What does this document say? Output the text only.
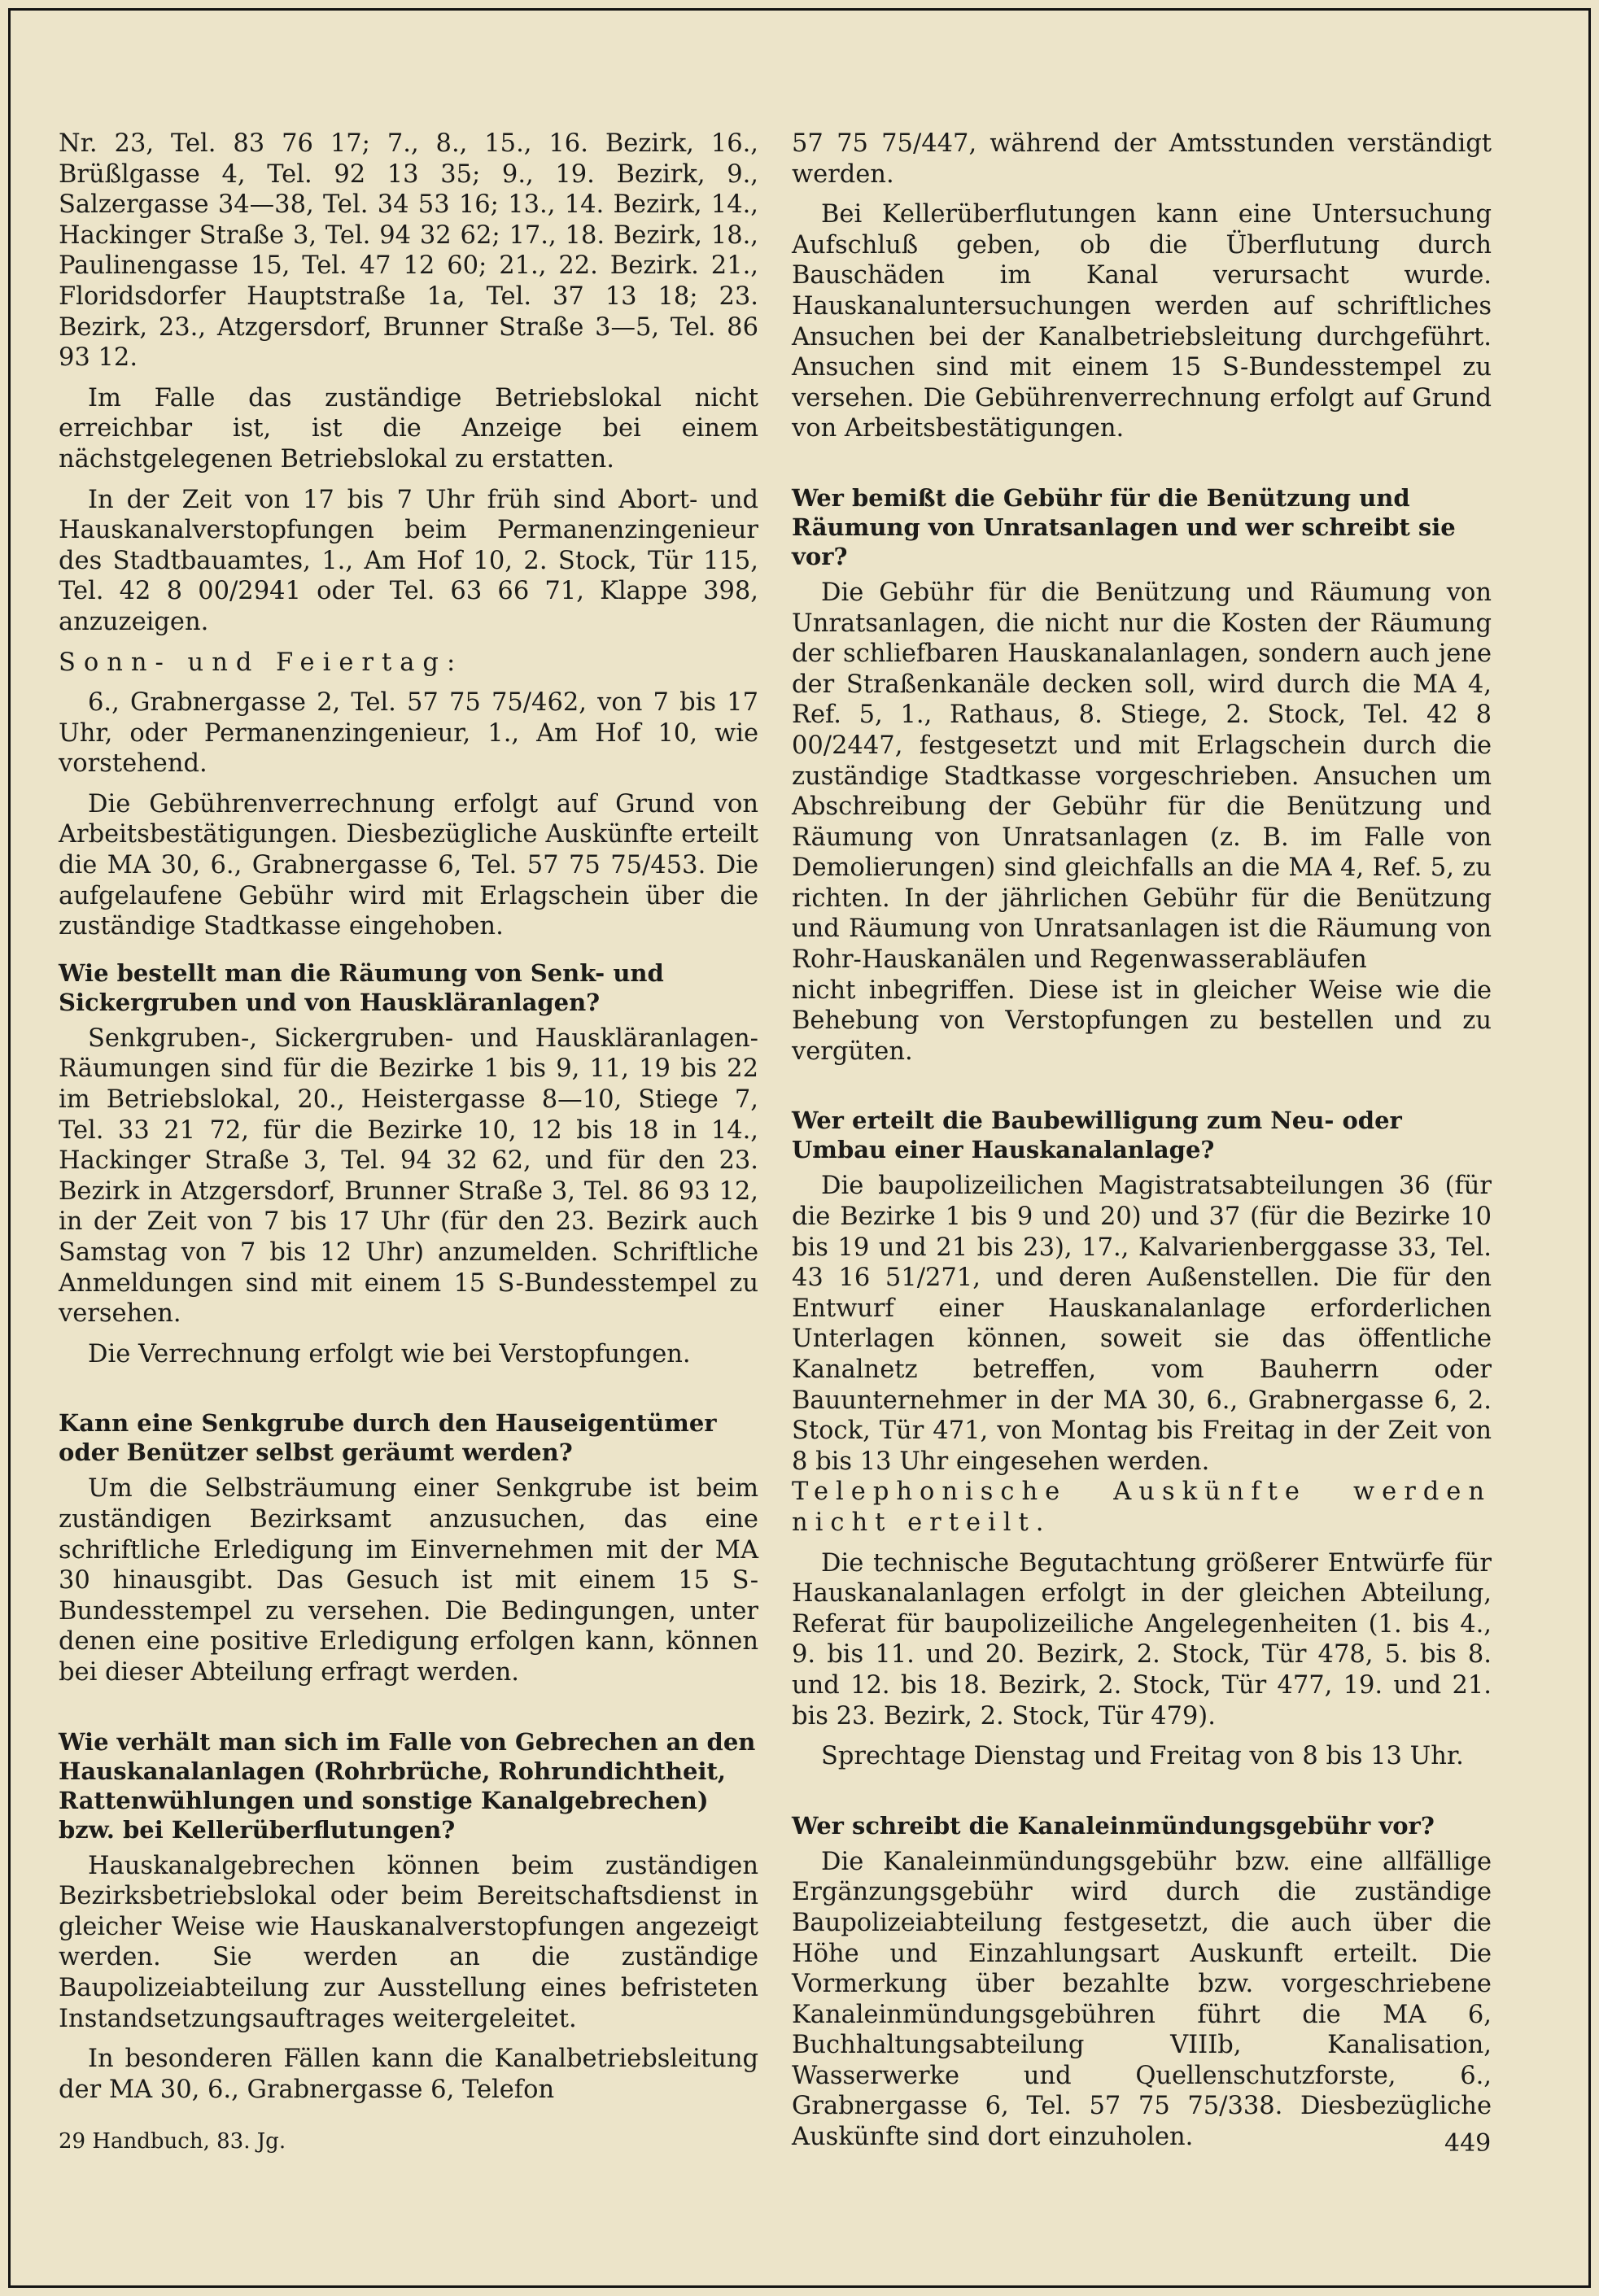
Nr. 23, Tel. 83 76 17; 7., 8., 15., 16. Bezirk, 16., Brüßlgasse 4, Tel. 92 13 35; 9., 19. Bezirk, 9., Salzergasse 34—38, Tel. 34 53 16; 13., 14. Bezirk, 14., Hackinger Straße 3, Tel. 94 32 62; 17., 18. Bezirk, 18., Paulinengasse 15, Tel. 47 12 60; 21., 22. Bezirk. 21., Floridsdorfer Hauptstraße 1a, Tel. 37 13 18; 23. Bezirk, 23., Atzgersdorf, Brunner Straße 3—5, Tel. 86 93 12.

Im Falle das zuständige Betriebslokal nicht erreichbar ist, ist die Anzeige bei einem nächstgelegenen Betriebslokal zu erstatten.

In der Zeit von 17 bis 7 Uhr früh sind Abort- und Hauskanalverstopfungen beim Permanenzingenieur des Stadtbauamtes, 1., Am Hof 10, 2. Stock, Tür 115, Tel. 42 8 00/2941 oder Tel. 63 66 71, Klappe 398, anzuzeigen.

Sonn- und Feiertag:

6., Grabnergasse 2, Tel. 57 75 75/462, von 7 bis 17 Uhr, oder Permanenzingenieur, 1., Am Hof 10, wie vorstehend.

Die Gebührenverrechnung erfolgt auf Grund von Arbeitsbestätigungen. Diesbezügliche Auskünfte erteilt die MA 30, 6., Grabnergasse 6, Tel. 57 75 75/453. Die aufgelaufene Gebühr wird mit Erlagschein über die zuständige Stadtkasse eingehoben.

Wie bestellt man die Räumung von Senk- und Sickergruben und von Hauskläranlagen?

Senkgruben-, Sickergruben- und Hauskläranlagen-Räumungen sind für die Bezirke 1 bis 9, 11, 19 bis 22 im Betriebslokal, 20., Heistergasse 8—10, Stiege 7, Tel. 33 21 72, für die Bezirke 10, 12 bis 18 in 14., Hackinger Straße 3, Tel. 94 32 62, und für den 23. Bezirk in Atzgersdorf, Brunner Straße 3, Tel. 86 93 12, in der Zeit von 7 bis 17 Uhr (für den 23. Bezirk auch Samstag von 7 bis 12 Uhr) anzumelden. Schriftliche Anmeldungen sind mit einem 15 S-Bundesstempel zu versehen.

Die Verrechnung erfolgt wie bei Verstopfungen.

Kann eine Senkgrube durch den Hauseigentümer oder Benützer selbst geräumt werden?

Um die Selbsträumung einer Senkgrube ist beim zuständigen Bezirksamt anzusuchen, das eine schriftliche Erledigung im Einvernehmen mit der MA 30 hinausgibt. Das Gesuch ist mit einem 15 S-Bundesstempel zu versehen. Die Bedingungen, unter denen eine positive Erledigung erfolgen kann, können bei dieser Abteilung erfragt werden.

Wie verhält man sich im Falle von Gebrechen an den Hauskanalanlagen (Rohrbrüche, Rohrundichtheit, Rattenwühlungen und sonstige Kanalgebrechen) bzw. bei Kellerüberflutungen?

Hauskanalgebrechen können beim zuständigen Bezirksbetriebslokal oder beim Bereitschaftsdienst in gleicher Weise wie Hauskanalverstopfungen angezeigt werden. Sie werden an die zuständige Baupolizeiabteilung zur Ausstellung eines befristeten Instandsetzungsauftrages weitergeleitet.

In besonderen Fällen kann die Kanalbetriebsleitung der MA 30, 6., Grabnergasse 6, Telefon

57 75 75/447, während der Amtsstunden verständigt werden.

Bei Kellerüberflutungen kann eine Untersuchung Aufschluß geben, ob die Überflutung durch Bauschäden im Kanal verursacht wurde. Hauskanaluntersuchungen werden auf schriftliches Ansuchen bei der Kanalbetriebsleitung durchgeführt. Ansuchen sind mit einem 15 S-Bundesstempel zu versehen. Die Gebührenverrechnung erfolgt auf Grund von Arbeitsbestätigungen.

Wer bemißt die Gebühr für die Benützung und Räumung von Unratsanlagen und wer schreibt sie vor?

Die Gebühr für die Benützung und Räumung von Unratsanlagen, die nicht nur die Kosten der Räumung der schliefbaren Hauskanalanlagen, sondern auch jene der Straßenkanäle decken soll, wird durch die MA 4, Ref. 5, 1., Rathaus, 8. Stiege, 2. Stock, Tel. 42 8 00/2447, festgesetzt und mit Erlagschein durch die zuständige Stadtkasse vorgeschrieben. Ansuchen um Abschreibung der Gebühr für die Benützung und Räumung von Unratsanlagen (z. B. im Falle von Demolierungen) sind gleichfalls an die MA 4, Ref. 5, zu richten. In der jährlichen Gebühr für die Benützung und Räumung von Unratsanlagen ist die Räumung von Rohr-Hauskanälen und Regenwasserabläufen

nicht inbegriffen. Diese ist in gleicher Weise wie die Behebung von Verstopfungen zu bestellen und zu vergüten.

Wer erteilt die Baubewilligung zum Neu- oder Umbau einer Hauskanalanlage?

Die baupolizeilichen Magistratsabteilungen 36 (für die Bezirke 1 bis 9 und 20) und 37 (für die Bezirke 10 bis 19 und 21 bis 23), 17., Kalvarienberggasse 33, Tel. 43 16 51/271, und deren Außenstellen. Die für den Entwurf einer Hauskanalanlage erforderlichen Unterlagen können, soweit sie das öffentliche Kanalnetz betreffen, vom Bauherrn oder Bauunternehmer in der MA 30, 6., Grabnergasse 6, 2. Stock, Tür 471, von Montag bis Freitag in der Zeit von 8 bis 13 Uhr eingesehen werden.

Telephonische Auskünfte werden nicht erteilt.

Die technische Begutachtung größerer Entwürfe für Hauskanalanlagen erfolgt in der gleichen Abteilung, Referat für baupolizeiliche Angelegenheiten (1. bis 4., 9. bis 11. und 20. Bezirk, 2. Stock, Tür 478, 5. bis 8. und 12. bis 18. Bezirk, 2. Stock, Tür 477, 19. und 21. bis 23. Bezirk, 2. Stock, Tür 479).

Sprechtage Dienstag und Freitag von 8 bis 13 Uhr.

Wer schreibt die Kanaleinmündungsgebühr vor?

Die Kanaleinmündungsgebühr bzw. eine allfällige Ergänzungsgebühr wird durch die zuständige Baupolizeiabteilung festgesetzt, die auch über die Höhe und Einzahlungsart Auskunft erteilt. Die Vormerkung über bezahlte bzw. vorgeschriebene Kanaleinmündungsgebühren führt die MA 6, Buchhaltungsabteilung VIIIb, Kanalisation, Wasserwerke und Quellenschutzforste, 6., Grabnergasse 6, Tel. 57 75 75/338. Diesbezügliche Auskünfte sind dort einzuholen.

29 Handbuch, 83. Jg.	449
